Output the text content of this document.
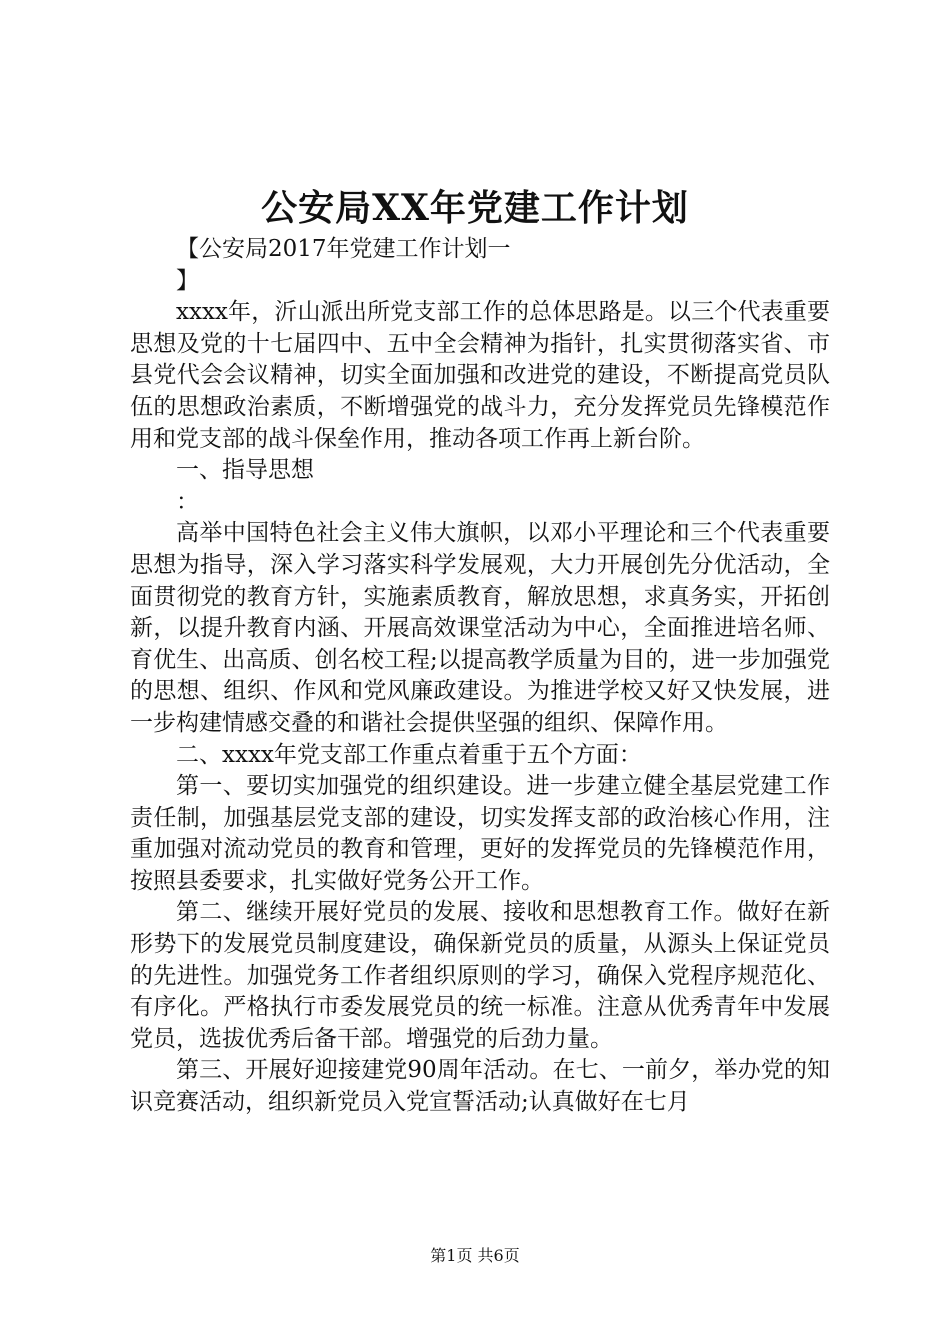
公安局XX年党建工作计划

【公安局2017年党建工作计划一

】

xxxx年，沂山派出所党支部工作的总体思路是。以三个代表重要思想及党的十七届四中、五中全会精神为指针，扎实贯彻落实省、市县党代会会议精神，切实全面加强和改进党的建设，不断提高党员队伍的思想政治素质，不断增强党的战斗力，充分发挥党员先锋模范作用和党支部的战斗保垒作用，推动各项工作再上新台阶。

一、指导思想

：

高举中国特色社会主义伟大旗帜，以邓小平理论和三个代表重要思想为指导，深入学习落实科学发展观，大力开展创先分优活动，全面贯彻党的教育方针，实施素质教育，解放思想，求真务实，开拓创新，以提升教育内涵、开展高效课堂活动为中心，全面推进培名师、育优生、出高质、创名校工程;以提高教学质量为目的，进一步加强党的思想、组织、作风和党风廉政建设。为推进学校又好又快发展，进一步构建情感交叠的和谐社会提供坚强的组织、保障作用。

二、xxxx年党支部工作重点着重于五个方面：

第一、要切实加强党的组织建设。进一步建立健全基层党建工作责任制，加强基层党支部的建设，切实发挥支部的政治核心作用，注重加强对流动党员的教育和管理，更好的发挥党员的先锋模范作用，按照县委要求，扎实做好党务公开工作。

第二、继续开展好党员的发展、接收和思想教育工作。做好在新形势下的发展党员制度建设，确保新党员的质量，从源头上保证党员的先进性。加强党务工作者组织原则的学习，确保入党程序规范化、有序化。严格执行市委发展党员的统一标准。注意从优秀青年中发展党员，选拔优秀后备干部。增强党的后劲力量。

第三、开展好迎接建党90周年活动。在七、一前夕，举办党的知识竞赛活动，组织新党员入党宣誓活动;认真做好在七月

第1页 共6页
